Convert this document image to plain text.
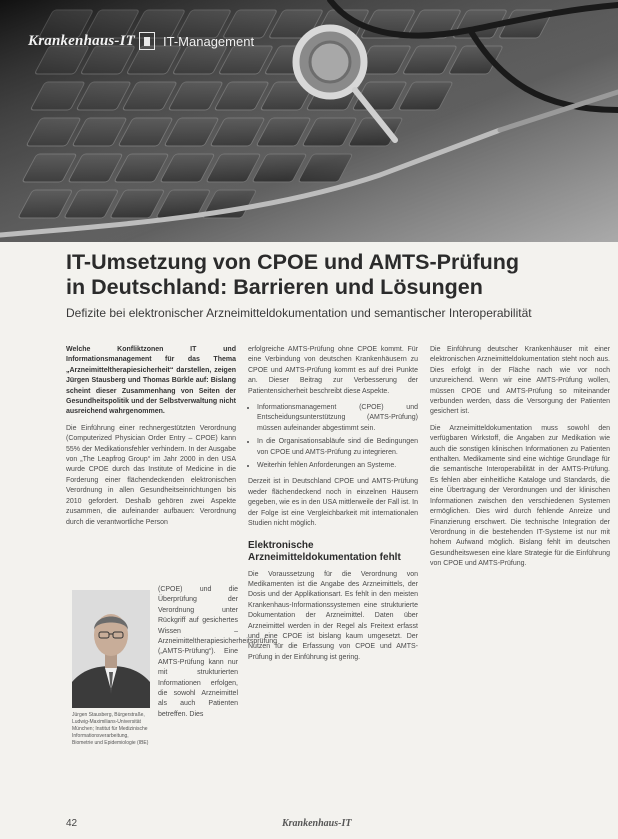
Krankenhaus-IT IT-Management
IT-Umsetzung von CPOE und AMTS-Prüfung
in Deutschland: Barrieren und Lösungen

Defizite bei elektronischer Arzneimitteldokumentation und semantischer Interoperabilität

Welche Konfliktzonen IT und Informationsmanagement für das Thema „Arzneimitteltherapiesicherheit“ darstellen, zeigen Jürgen Stausberg und Thomas Bürkle auf: Bislang scheint dieser Zusammenhang von Seiten der Gesundheitspolitik und der Selbstverwaltung nicht ausreichend wahrgenommen.

Die Einführung einer rechnergestützten Verordnung (Computerized Physician Order Entry – CPOE) kann 55% der Medikationsfehler verhindern. In der Ausgabe von „The Leapfrog Group“ im Jahr 2000 in den USA wurde CPOE durch das Institute of Medicine in die Forderung einer flächendeckenden elektronischen Verordnung in allen Gesundheitseinrichtungen bis 2010 gefordert. Deshalb gehören zwei Aspekte zusammen, die aufeinander aufbauen: Verordnung durch die verantwortliche Person

Jürgen Stausberg, Bürgerstraße, Ludwig-Maximilians-Universität München; Institut für Medizinische Informationsverarbeitung, Biometrie und Epidemiologie (IBE)
(CPOE) und die Überprüfung der Verordnung unter Rückgriff auf gesichertes Wissen – Arzneimitteltherapiesicherheitsprüfung („AMTS-Prüfung“). Eine AMTS-Prüfung kann nur mit strukturierten Informationen erfolgen, die sowohl Arzneimittel als auch Patienten betreffen. Dies

erfolgreiche AMTS-Prüfung ohne CPOE kommt. Für eine Verbindung von deutschen Krankenhäusern zu CPOE und AMTS-Prüfung kommt es auf drei Punkte an. Dieser Beitrag zur Verbesserung der Patientensicherheit beschreibt diese Aspekte.

• Informationsmanagement (CPOE) und Entscheidungsunterstützung (AMTS-Prüfung) müssen aufeinander abgestimmt sein.
• In die Organisationsabläufe sind die Bedingungen von CPOE und AMTS-Prüfung zu integrieren.
• Weiterhin fehlen Anforderungen an Systeme.

Derzeit ist in Deutschland CPOE und AMTS-Prüfung weder flächendeckend noch in einzelnen Häusern gegeben, wie es in den USA mittlerweile der Fall ist. In der Folge ist eine Vergleichbarkeit mit internationalen Studien nicht möglich.

Elektronische Arzneimitteldokumentation fehlt

Die Voraussetzung für die Verordnung von Medikamenten ist die Angabe des Arzneimittels, der Dosis und der Applikationsart. Es fehlt in den meisten Krankenhaus-Informationssystemen eine strukturierte Dokumentation der Arzneimittel. Daten über Arzneimittel werden in der Regel als Freitext erfasst und eine CPOE ist bislang kaum umgesetzt. Der Nutzen für die Erfassung von CPOE und AMTS-Prüfung in der Einführung ist gering.

Die Einführung deutscher Krankenhäuser mit einer elektronischen Arzneimitteldokumentation steht noch aus. Dies erfolgt in der Fläche nach wie vor noch unzureichend. Wenn wir eine AMTS-Prüfung wollen, müssen CPOE und AMTS-Prüfung so miteinander verbunden werden, dass die Versorgung der Patienten gesichert ist.

Die Arzneimitteldokumentation muss sowohl den verfügbaren Wirkstoff, die Angaben zur Medikation wie auch die sonstigen klinischen Informationen zu Patienten enthalten. Medikamente sind eine wichtige Grundlage für die semantische Interoperabilität in der AMTS-Prüfung. Es fehlen aber einheitliche Kataloge und Standards, die eine Übertragung der Verordnungen und der klinischen Informationen zwischen den verschiedenen Systemen ermöglichen. Dies wird durch fehlende Anreize und Finanzierung erschwert. Die technische Integration der Verordnung in die bestehenden IT-Systeme ist nur mit hohem Aufwand möglich. Bislang fehlt im deutschen Gesundheitswesen eine klare Strategie für die Einführung von CPOE und AMTS-Prüfung.

42	Krankenhaus-IT
